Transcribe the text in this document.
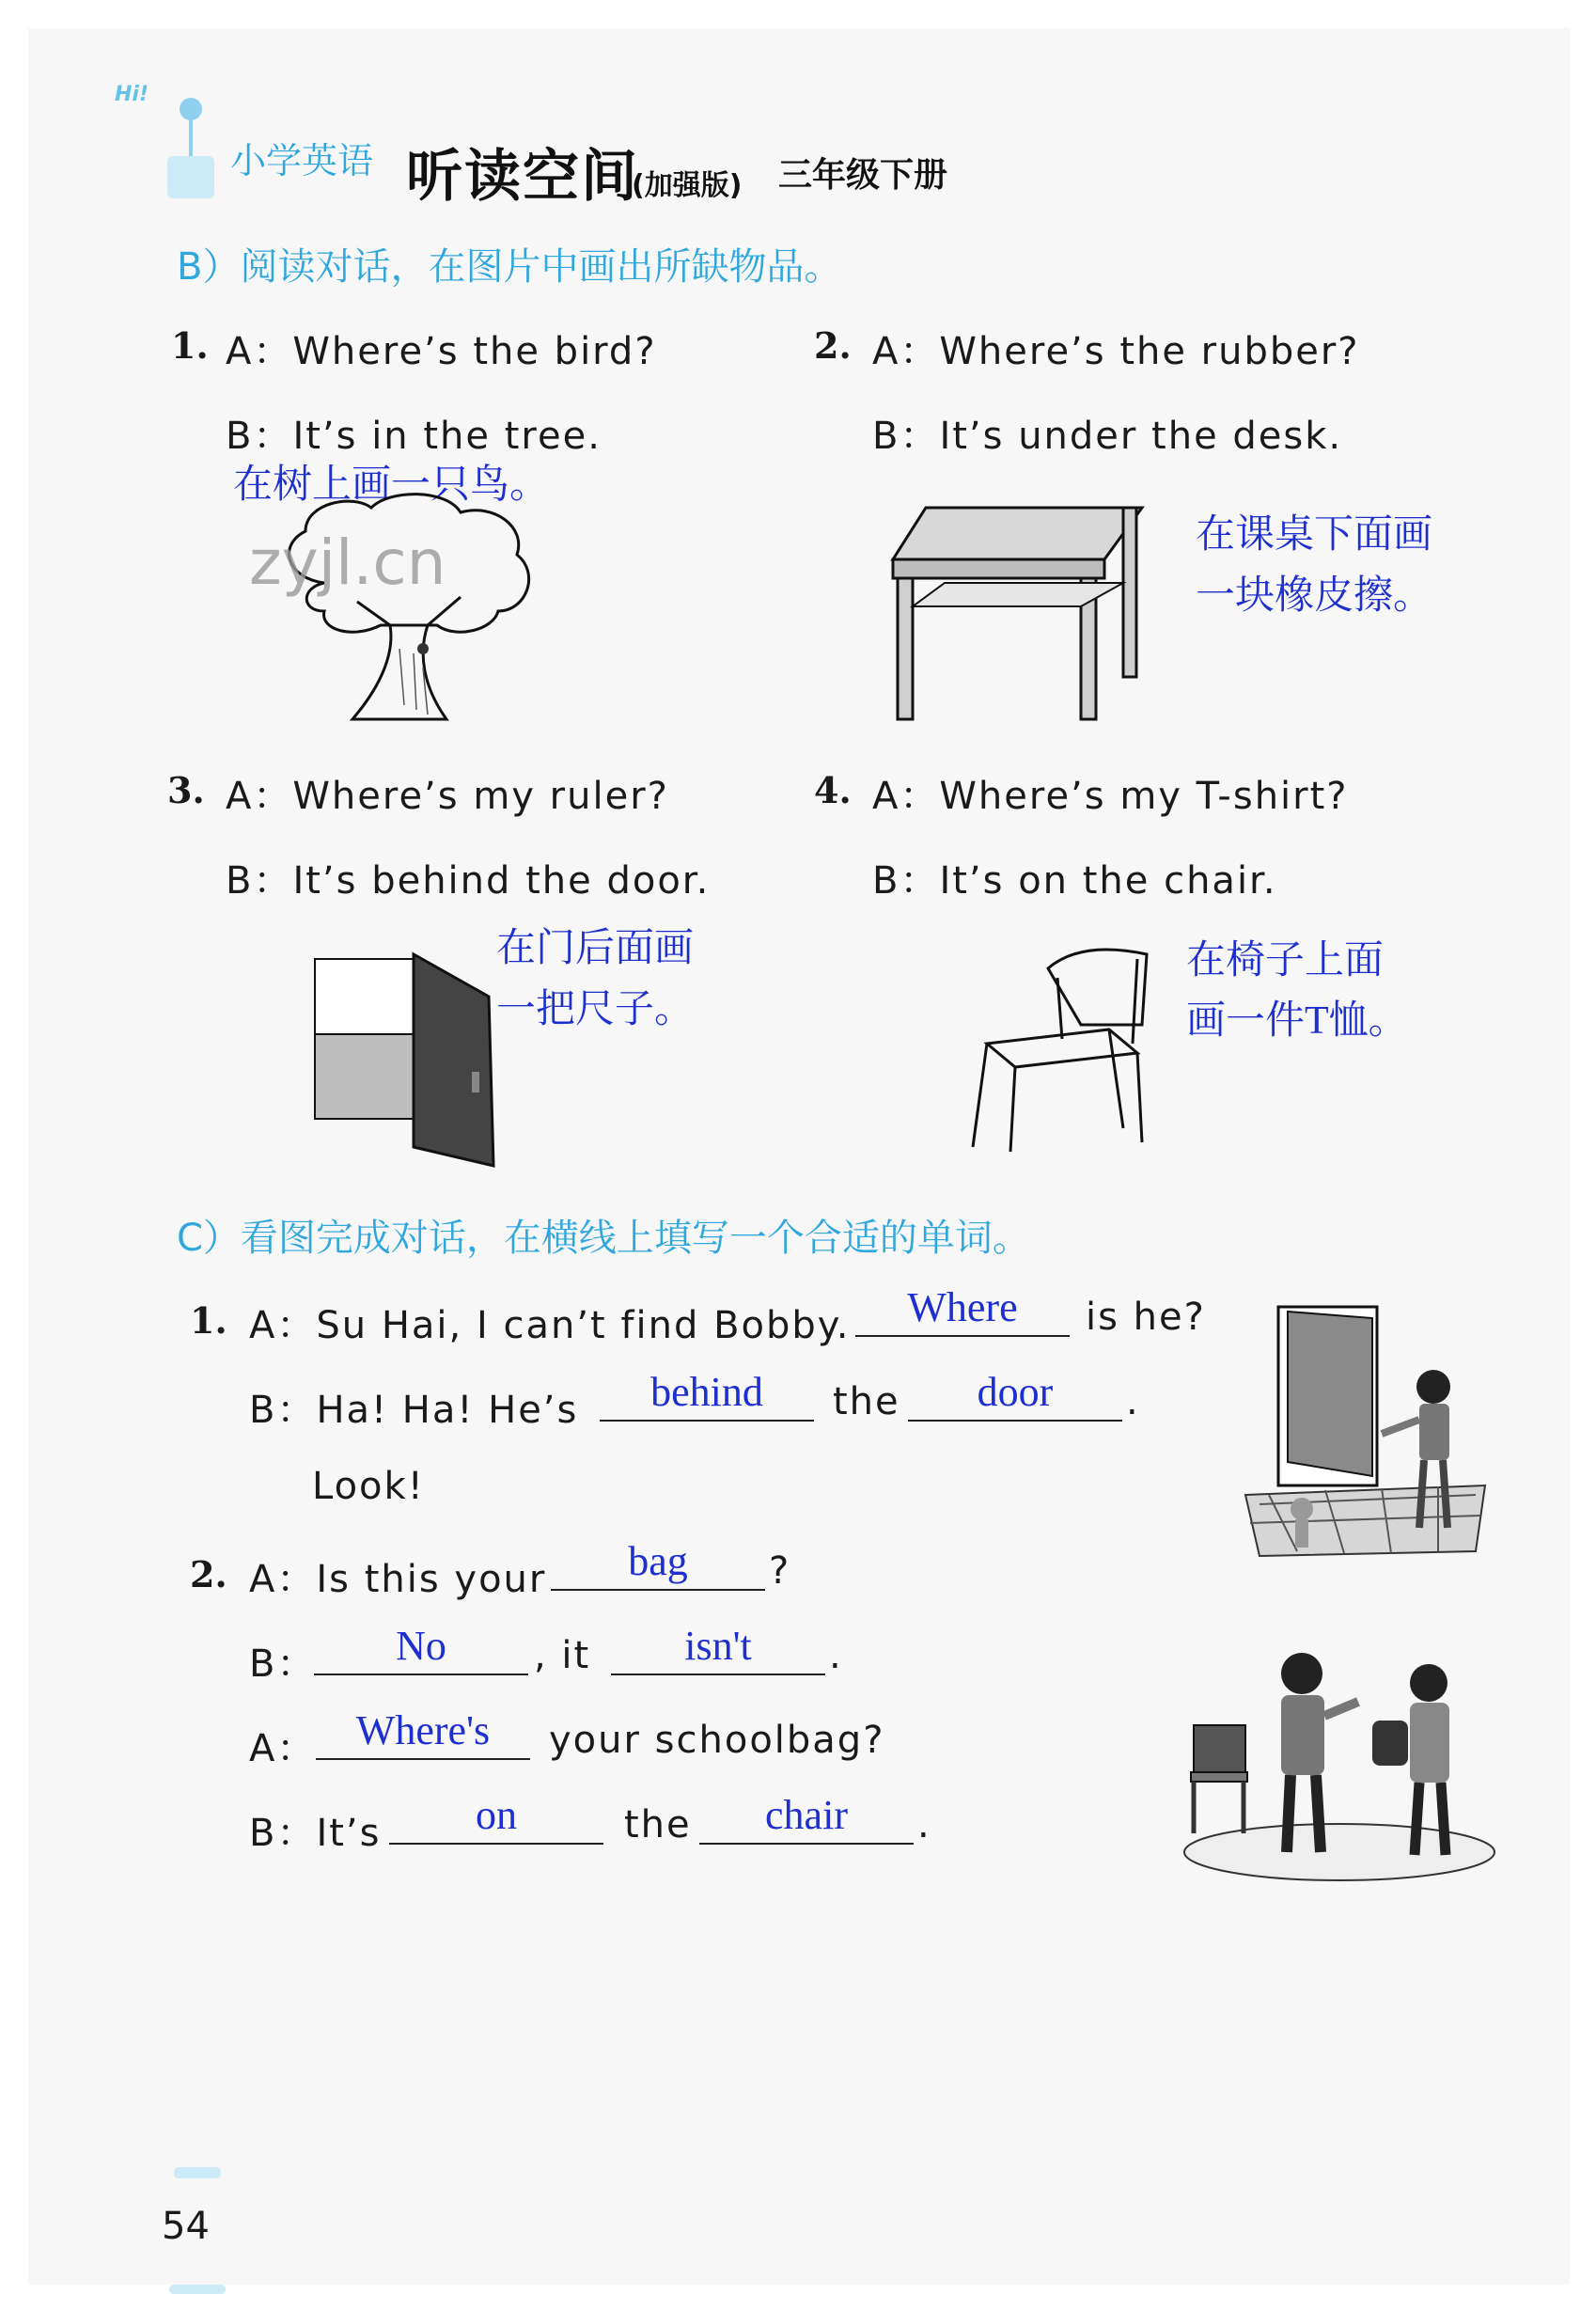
Hi!
小学英语 听读空间
(加强版) 三年级下册
B）阅读对话，在图片中画出所缺物品。
1. A：Where’s the bird?
B：It’s in the tree.
在树上画一只鸟。
2. A：Where’s the rubber?
B：It’s under the desk.
在课桌下面画
一块橡皮擦。
3. A：Where’s my ruler?
B：It’s behind the door.
在门后面画
一把尺子。
4. A：Where’s my T-shirt?
B：It’s on the chair.
在椅子上面
画一件T恤。
C）看图完成对话，在横线上填写一个合适的单词。
1. A：Su Hai, I can’t find Bobby.	Where	is he?
B：Ha! Ha! He’s	behind	the	door	.
Look!
2. A：Is this your	bag	?
B：	No	, it	isn't	.
A： Where's	your schoolbag?
B：It’s	on	the	chair	.
zyjl.cn
54
